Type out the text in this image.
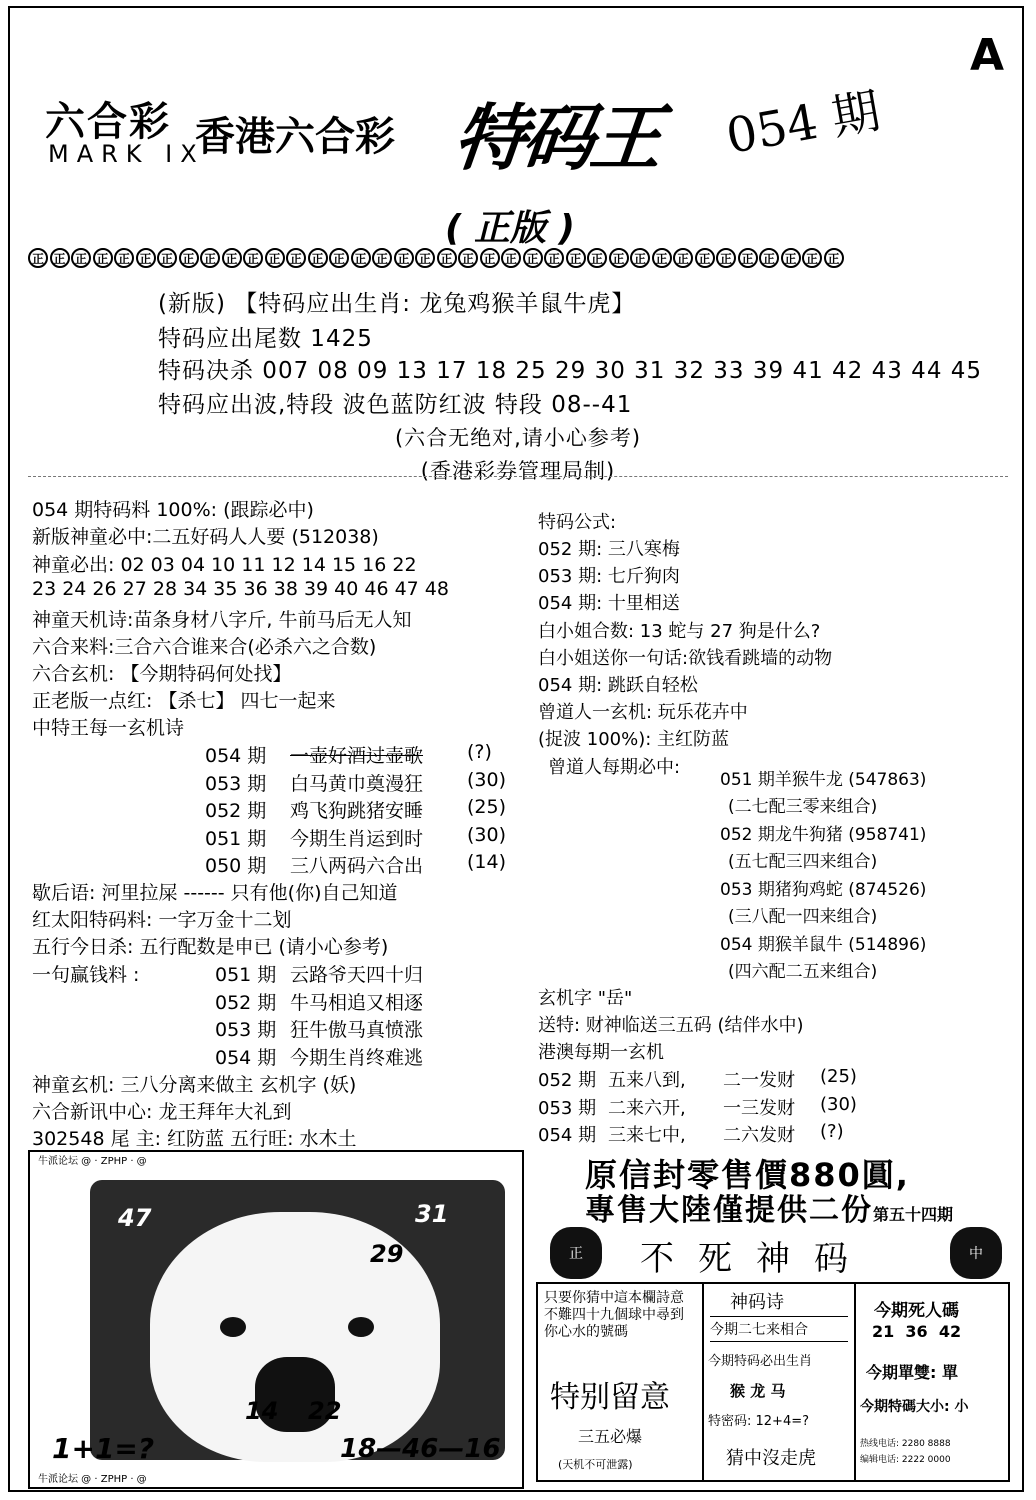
A
六合彩
MARK IX
香港六合彩 特码王 054 期
( 正版 )
正 正 正 正 正 正 正 正 正 正 正 正 正 正 正 正 正 正 正 正 正 正 正 正 正 正 正 正 正 正 正 正 正 正 正 正 正 正
(新版) 【特码应出生肖: 龙兔鸡猴羊鼠牛虎】
特码应出尾数 1425
特码决杀 007 08 09 13 17 18 25 29 30 31 32 33 39 41 42 43 44 45
特码应出波,特段 波色蓝防红波 特段 08--41
(六合无绝对,请小心参考)
(香港彩券管理局制)
054 期特码料 100%: (跟踪必中)
新版神童必中:二五好码人人要 (512038)
神童必出: 02 03 04 10 11 12 14 15 16 22
23 24 26 27 28 34 35 36 38 39 40 46 47 48
神童天机诗:苗条身材八字斤, 牛前马后无人知
六合来料:三合六合谁来合(必杀六之合数)
六合玄机: 【今期特码何处找】
正老版一点红: 【杀七】 四七一起来
中特王每一玄机诗
054 期 一壶好酒过壶歌 (?)
053 期 白马黄巾奠漫狂 (30)
052 期 鸡飞狗跳猪安睡 (25)
051 期 今期生肖运到时 (30)
050 期 三八两码六合出 (14)
歇后语: 河里拉屎 ------ 只有他(你)自己知道
红太阳特码料: 一字万金十二划
五行今日杀: 五行配数是申已 (请小心参考)
一句赢钱料 :	051 期 云路爷天四十归
052 期 牛马相追又相逐
053 期 狂牛傲马真愤涨
054 期 今期生肖终难逃
神童玄机: 三八分离来做主 玄机字 (妖)
六合新讯中心: 龙王拜年大礼到
302548 尾 主: 红防蓝 五行旺: 水木土
特码公式:
052 期: 三八寒梅
053 期: 七斤狗肉
054 期: 十里相送
白小姐合数: 13 蛇与 27 狗是什么?
白小姐送你一句话:欲钱看跳墙的动物
054 期: 跳跃自轻松
曾道人一玄机: 玩乐花卉中
(捉波 100%): 主红防蓝
曾道人每期必中:
051 期羊猴牛龙 (547863)
(二七配三零来组合)
052 期龙牛狗猪 (958741)
(五七配三四来组合)
053 期猪狗鸡蛇 (874526)
(三八配一四来组合)
054 期猴羊鼠牛 (514896)
(四六配二五来组合)
玄机字 "岳"
送特: 财神临送三五码 (结伴水中)
港澳每期一玄机
052 期 五来八到, 二一发财 (25)
053 期 二来六开, 一三发财 (30)
054 期 三来七中, 二六发财 (?)
牛派论坛 @ · ZPHP · @
47	31
29
14 22
1+1=?	18—46—16
牛派论坛 @ · ZPHP · @
原信封零售價880圓,
專售大陸僅提供二份第五十四期
正	不死神码	中
只要你猜中這本欄詩意不難四十九個球中尋到你心水的號碼
特别留意
三五必爆
(天机不可泄露)
神码诗
今期二七来相合
今期特码必出生肖
猴 龙 马
特密码: 12+4=?
猜中沒走虎
今期死人碼
21  36  42
今期單雙: 單
今期特碼大小: 小
热线电话: 2280 8888
编辑电话: 2222 0000
